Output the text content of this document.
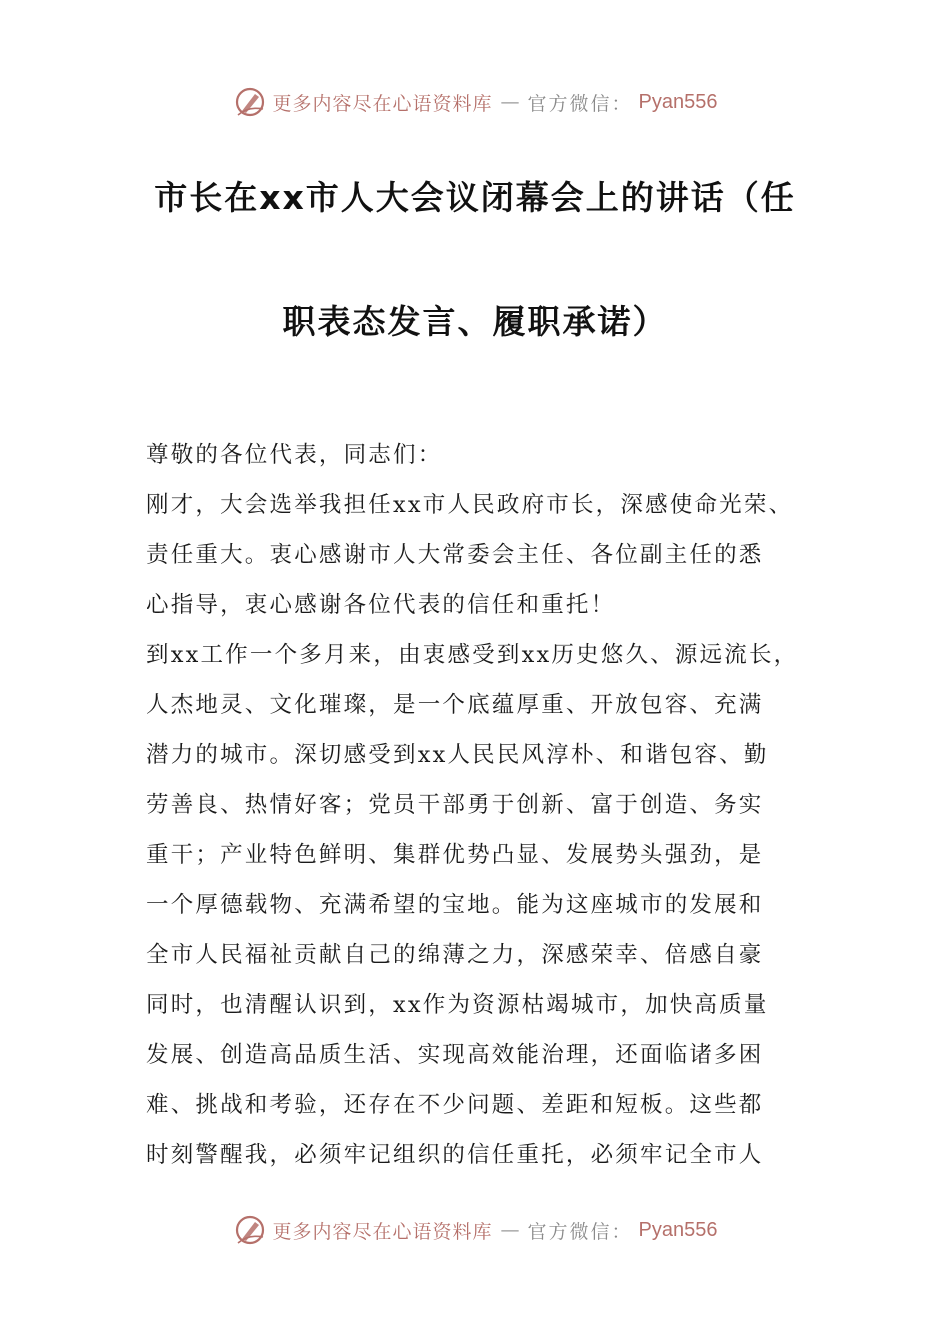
更多内容尽在心语资料库 — 官方微信： Pyan556
市长在xx市人大会议闭幕会上的讲话（任
职表态发言、履职承诺）
尊敬的各位代表，同志们：
刚才，大会选举我担任xx市人民政府市长，深感使命光荣、
责任重大。衷心感谢市人大常委会主任、各位副主任的悉
心指导，衷心感谢各位代表的信任和重托！
到xx工作一个多月来，由衷感受到xx历史悠久、源远流长，
人杰地灵、文化璀璨，是一个底蕴厚重、开放包容、充满
潜力的城市。深切感受到xx人民民风淳朴、和谐包容、勤
劳善良、热情好客；党员干部勇于创新、富于创造、务实
重干；产业特色鲜明、集群优势凸显、发展势头强劲，是
一个厚德载物、充满希望的宝地。能为这座城市的发展和
全市人民福祉贡献自己的绵薄之力，深感荣幸、倍感自豪
同时，也清醒认识到，xx作为资源枯竭城市，加快高质量
发展、创造高品质生活、实现高效能治理，还面临诸多困
难、挑战和考验，还存在不少问题、差距和短板。这些都
时刻警醒我，必须牢记组织的信任重托，必须牢记全市人
更多内容尽在心语资料库 — 官方微信： Pyan556
